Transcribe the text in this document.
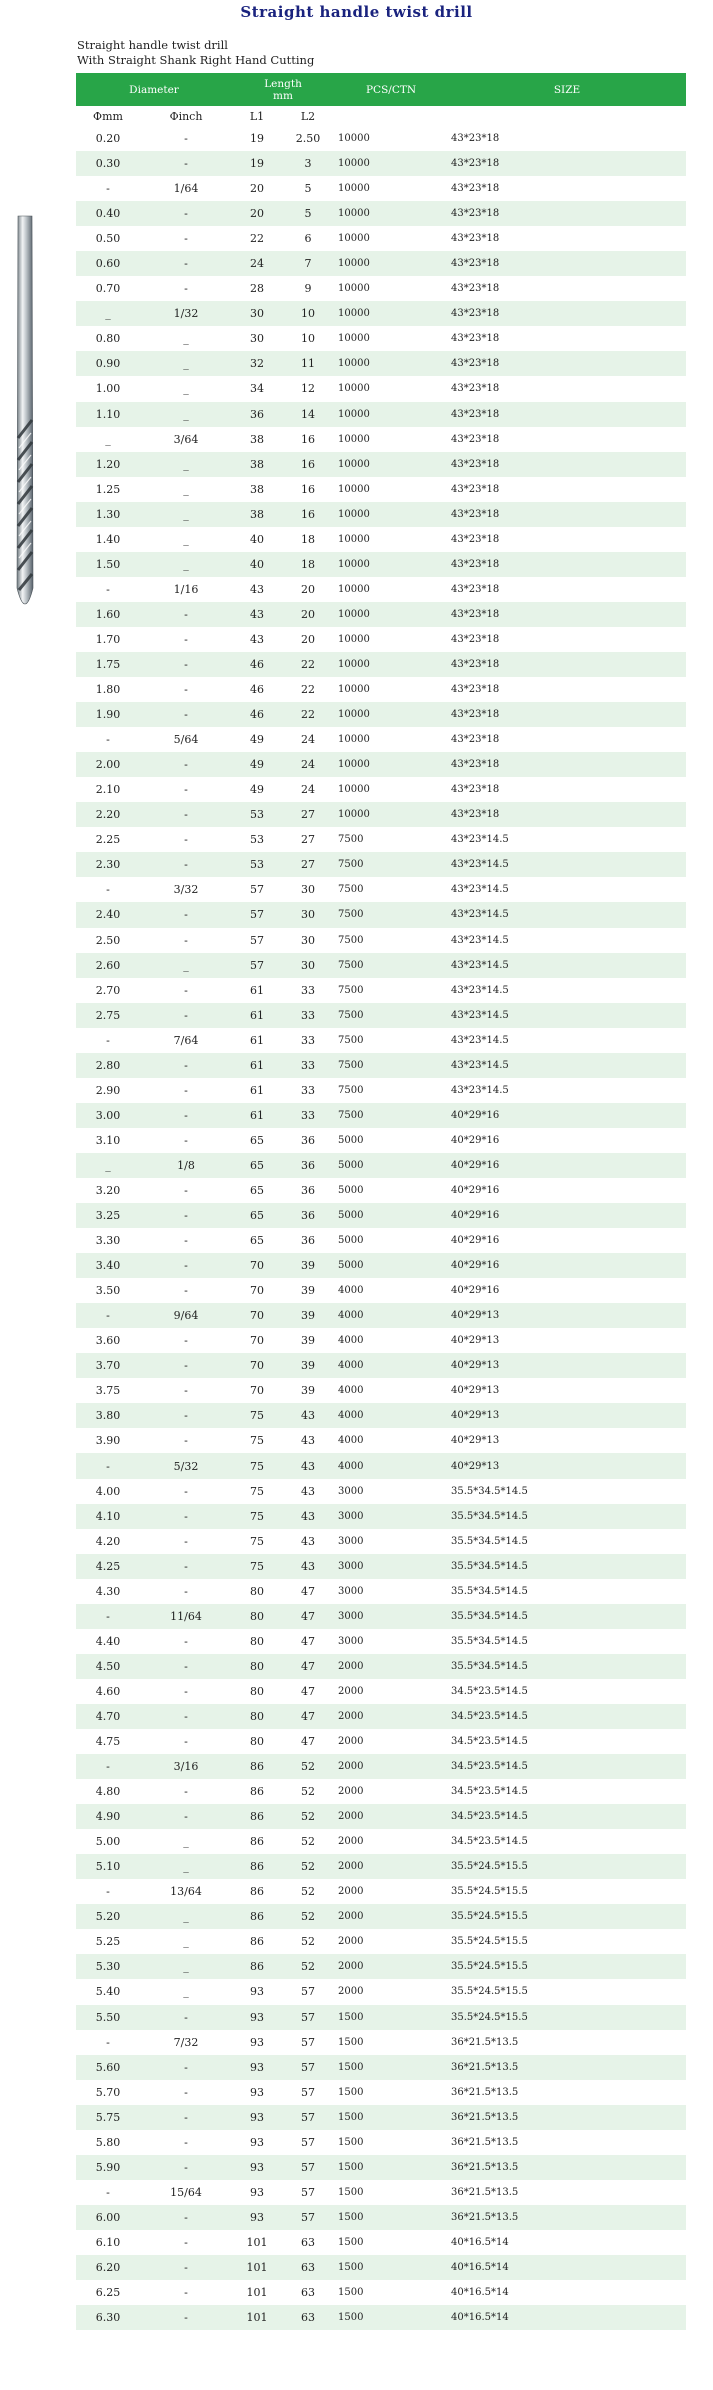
Straight handle twist drill
Straight handle twist drill
With Straight Shank Right Hand Cutting
Diameter		Length
mm		PCS/CTN	SIZE
Φmm	Φinch	L1	L2		
0.20	-	19	2.50	10000	43*23*18
0.30	-	19	3	10000	43*23*18
-	1/64	20	5	10000	43*23*18
0.40	-	20	5	10000	43*23*18
0.50	-	22	6	10000	43*23*18
0.60	-	24	7	10000	43*23*18
0.70	-	28	9	10000	43*23*18
_	1/32	30	10	10000	43*23*18
0.80	_	30	10	10000	43*23*18
0.90	_	32	11	10000	43*23*18
1.00	_	34	12	10000	43*23*18
1.10	_	36	14	10000	43*23*18
_	3/64	38	16	10000	43*23*18
1.20	_	38	16	10000	43*23*18
1.25	_	38	16	10000	43*23*18
1.30	_	38	16	10000	43*23*18
1.40	_	40	18	10000	43*23*18
1.50	_	40	18	10000	43*23*18
-	1/16	43	20	10000	43*23*18
1.60	-	43	20	10000	43*23*18
1.70	-	43	20	10000	43*23*18
1.75	-	46	22	10000	43*23*18
1.80	-	46	22	10000	43*23*18
1.90	-	46	22	10000	43*23*18
-	5/64	49	24	10000	43*23*18
2.00	-	49	24	10000	43*23*18
2.10	-	49	24	10000	43*23*18
2.20	-	53	27	10000	43*23*18
2.25	-	53	27	7500	43*23*14.5
2.30	-	53	27	7500	43*23*14.5
-	3/32	57	30	7500	43*23*14.5
2.40	-	57	30	7500	43*23*14.5
2.50	-	57	30	7500	43*23*14.5
2.60	_	57	30	7500	43*23*14.5
2.70	-	61	33	7500	43*23*14.5
2.75	-	61	33	7500	43*23*14.5
-	7/64	61	33	7500	43*23*14.5
2.80	-	61	33	7500	43*23*14.5
2.90	-	61	33	7500	43*23*14.5
3.00	-	61	33	7500	40*29*16
3.10	-	65	36	5000	40*29*16
_	1/8	65	36	5000	40*29*16
3.20	-	65	36	5000	40*29*16
3.25	-	65	36	5000	40*29*16
3.30	-	65	36	5000	40*29*16
3.40	-	70	39	5000	40*29*16
3.50	-	70	39	4000	40*29*16
-	9/64	70	39	4000	40*29*13
3.60	-	70	39	4000	40*29*13
3.70	-	70	39	4000	40*29*13
3.75	-	70	39	4000	40*29*13
3.80	-	75	43	4000	40*29*13
3.90	-	75	43	4000	40*29*13
-	5/32	75	43	4000	40*29*13
4.00	-	75	43	3000	35.5*34.5*14.5
4.10	-	75	43	3000	35.5*34.5*14.5
4.20	-	75	43	3000	35.5*34.5*14.5
4.25	-	75	43	3000	35.5*34.5*14.5
4.30	-	80	47	3000	35.5*34.5*14.5
-	11/64	80	47	3000	35.5*34.5*14.5
4.40	-	80	47	3000	35.5*34.5*14.5
4.50	-	80	47	2000	35.5*34.5*14.5
4.60	-	80	47	2000	34.5*23.5*14.5
4.70	-	80	47	2000	34.5*23.5*14.5
4.75	-	80	47	2000	34.5*23.5*14.5
-	3/16	86	52	2000	34.5*23.5*14.5
4.80	-	86	52	2000	34.5*23.5*14.5
4.90	-	86	52	2000	34.5*23.5*14.5
5.00	_	86	52	2000	34.5*23.5*14.5
5.10	_	86	52	2000	35.5*24.5*15.5
-	13/64	86	52	2000	35.5*24.5*15.5
5.20	_	86	52	2000	35.5*24.5*15.5
5.25	_	86	52	2000	35.5*24.5*15.5
5.30	_	86	52	2000	35.5*24.5*15.5
5.40	_	93	57	2000	35.5*24.5*15.5
5.50	-	93	57	1500	35.5*24.5*15.5
-	7/32	93	57	1500	36*21.5*13.5
5.60	-	93	57	1500	36*21.5*13.5
5.70	-	93	57	1500	36*21.5*13.5
5.75	-	93	57	1500	36*21.5*13.5
5.80	-	93	57	1500	36*21.5*13.5
5.90	-	93	57	1500	36*21.5*13.5
-	15/64	93	57	1500	36*21.5*13.5
6.00	-	93	57	1500	36*21.5*13.5
6.10	-	101	63	1500	40*16.5*14
6.20	-	101	63	1500	40*16.5*14
6.25	-	101	63	1500	40*16.5*14
6.30	-	101	63	1500	40*16.5*14
